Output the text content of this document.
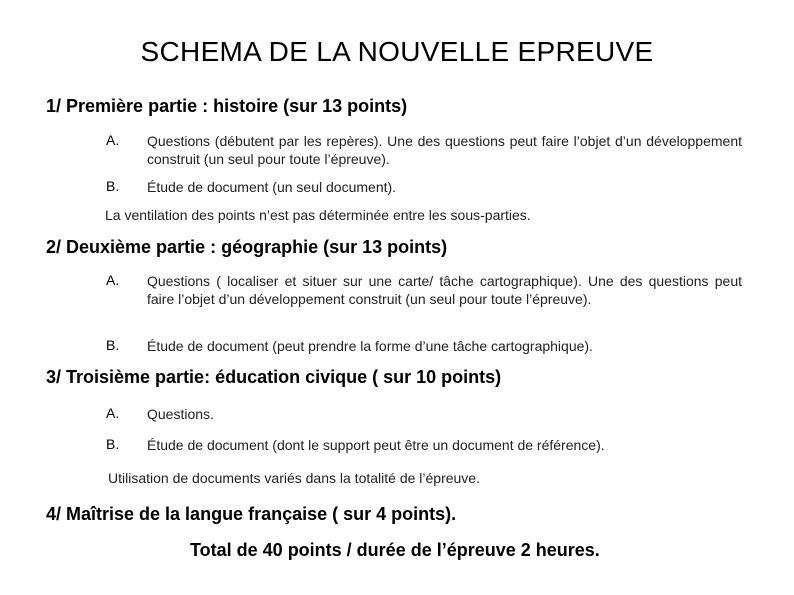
SCHEMA DE LA NOUVELLE EPREUVE
1/ Première partie : histoire (sur 13 points)
A. Questions (débutent par les repères). Une des questions peut faire l’objet d’un développement construit (un seul pour toute l’épreuve).
B. Étude de document (un seul document).
La ventilation des points n’est pas déterminée entre les sous-parties.
2/ Deuxième partie : géographie (sur 13 points)
A. Questions ( localiser et situer sur une carte/ tâche cartographique). Une des questions peut faire l’objet d’un développement construit (un seul pour toute l’épreuve).
B. Étude de document (peut prendre la forme d’une tâche cartographique).
3/ Troisième partie: éducation civique ( sur 10 points)
A. Questions.
B. Étude de document (dont le support peut être un document de référence).
Utilisation de documents variés dans la totalité de l’épreuve.
4/ Maîtrise de la langue française ( sur 4 points).
Total de 40 points / durée de l’épreuve 2 heures.
